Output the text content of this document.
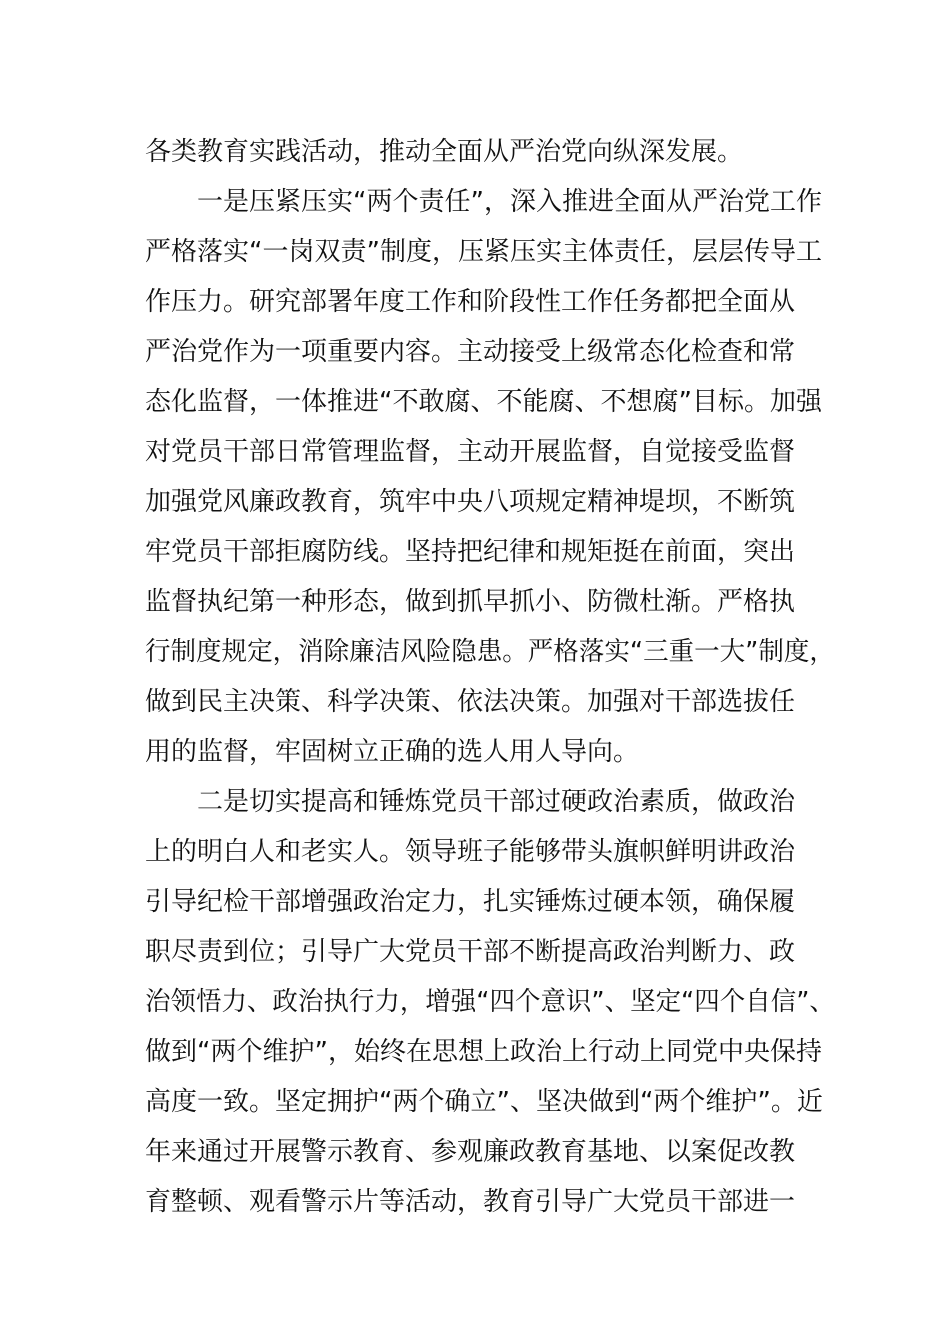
各类教育实践活动，推动全面从严治党向纵深发展。
一是压紧压实“两个责任”，深入推进全面从严治党工作
严格落实“一岗双责”制度，压紧压实主体责任，层层传导工
作压力。研究部署年度工作和阶段性工作任务都把全面从
严治党作为一项重要内容。主动接受上级常态化检查和常
态化监督，一体推进“不敢腐、不能腐、不想腐”目标。加强
对党员干部日常管理监督，主动开展监督，自觉接受监督
加强党风廉政教育，筑牢中央八项规定精神堤坝，不断筑
牢党员干部拒腐防线。坚持把纪律和规矩挺在前面，突出
监督执纪第一种形态，做到抓早抓小、防微杜渐。严格执
行制度规定，消除廉洁风险隐患。严格落实“三重一大”制度，
做到民主决策、科学决策、依法决策。加强对干部选拔任
用的监督，牢固树立正确的选人用人导向。
二是切实提高和锤炼党员干部过硬政治素质，做政治
上的明白人和老实人。领导班子能够带头旗帜鲜明讲政治
引导纪检干部增强政治定力，扎实锤炼过硬本领，确保履
职尽责到位；引导广大党员干部不断提高政治判断力、政
治领悟力、政治执行力，增强“四个意识”、坚定“四个自信”、
做到“两个维护”，始终在思想上政治上行动上同党中央保持
高度一致。坚定拥护“两个确立”、坚决做到“两个维护”。近
年来通过开展警示教育、参观廉政教育基地、以案促改教
育整顿、观看警示片等活动，教育引导广大党员干部进一
